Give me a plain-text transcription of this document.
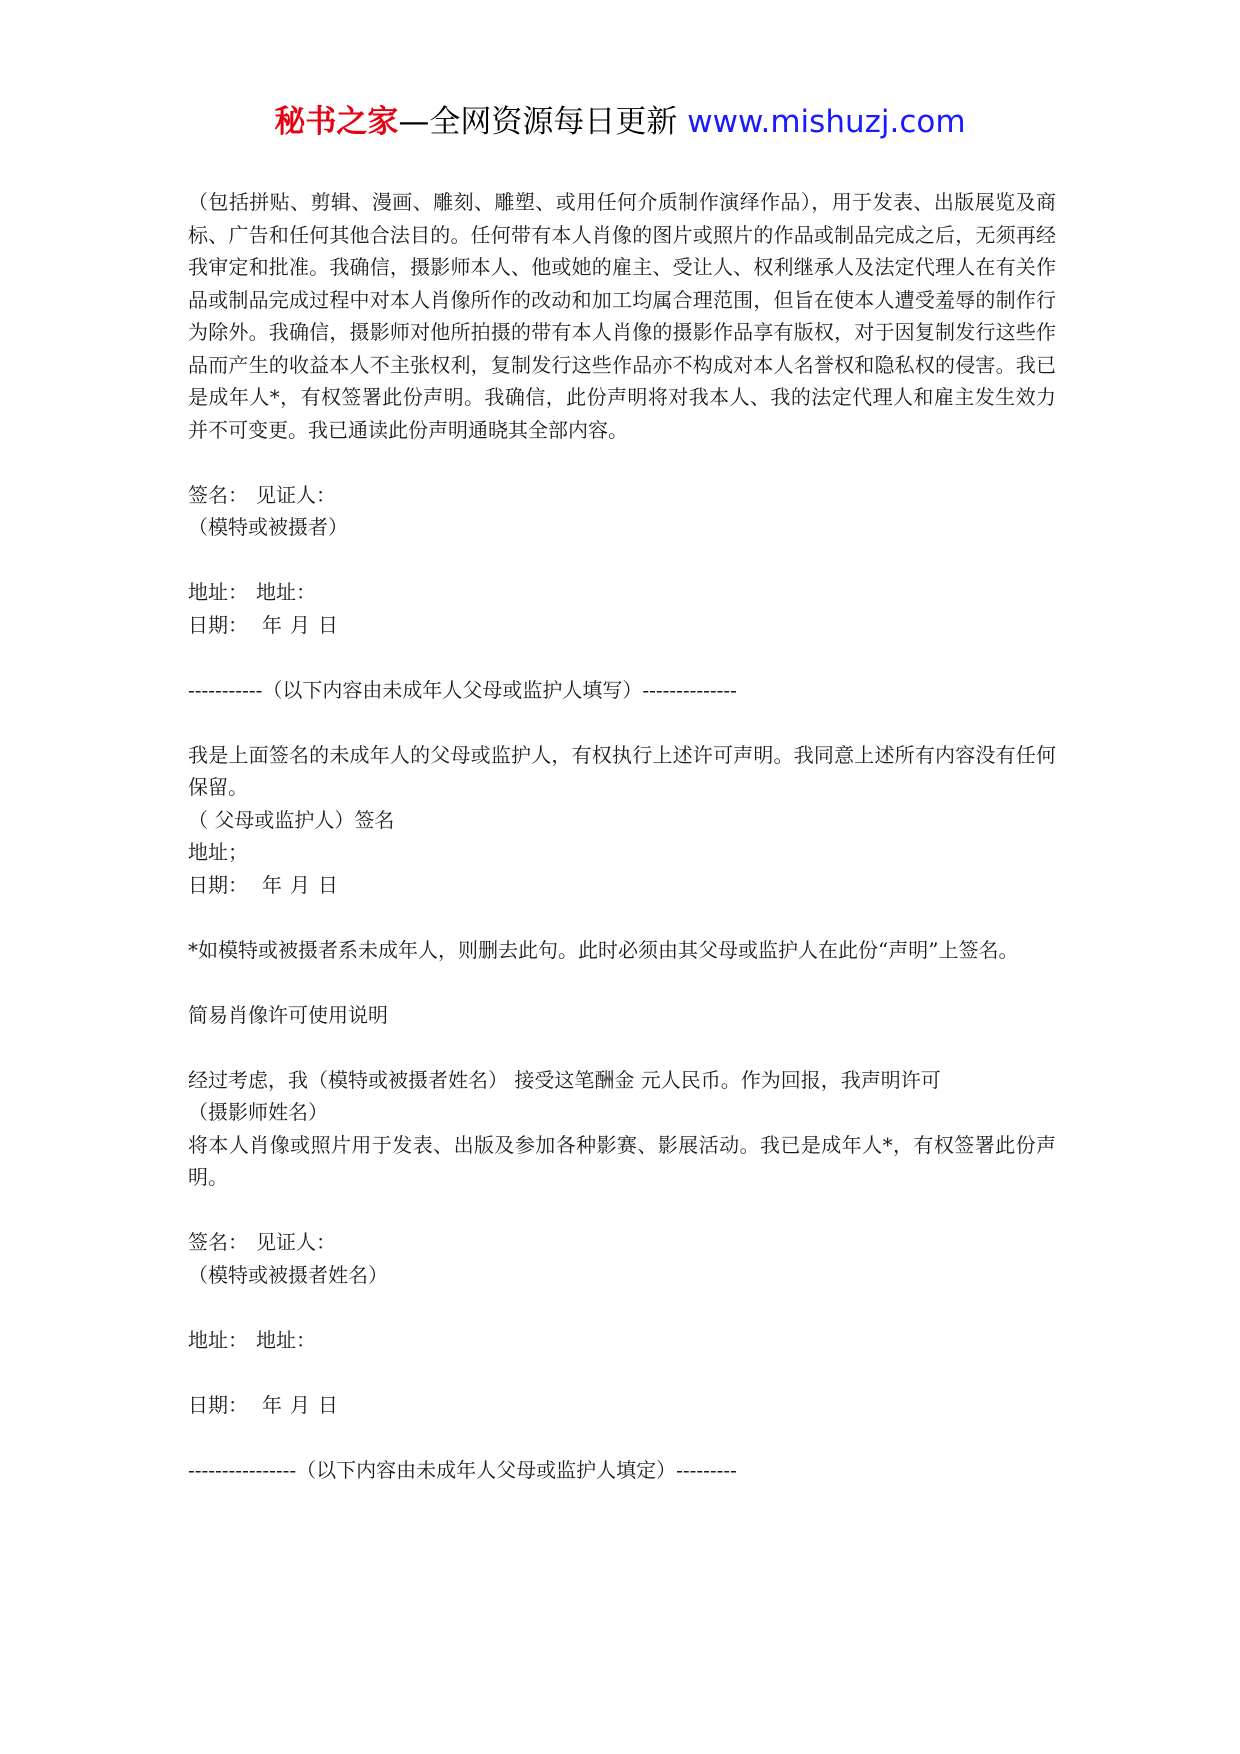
秘书之家—全网资源每日更新 www.mishuzj.com

（包括拼贴、剪辑、漫画、雕刻、雕塑、或用任何介质制作演绎作品），用于发表、出版展览及商标、广告和任何其他合法目的。任何带有本人肖像的图片或照片的作品或制品完成之后，无须再经我审定和批准。我确信，摄影师本人、他或她的雇主、受让人、权利继承人及法定代理人在有关作品或制品完成过程中对本人肖像所作的改动和加工均属合理范围，但旨在使本人遭受羞辱的制作行为除外。我确信，摄影师对他所拍摄的带有本人肖像的摄影作品享有版权，对于因复制发行这些作品而产生的收益本人不主张权利，复制发行这些作品亦不构成对本人名誉权和隐私权的侵害。我已是成年人*，有权签署此份声明。我确信，此份声明将对我本人、我的法定代理人和雇主发生效力并不可变更。我已通读此份声明通晓其全部内容。

签名： 见证人：

（模特或被摄者）

地址： 地址：

日期： 年 月 日

-----------（以下内容由未成年人父母或监护人填写）--------------

我是上面签名的未成年人的父母或监护人，有权执行上述许可声明。我同意上述所有内容没有任何保留。

（ 父母或监护人）签名

地址；

日期： 年 月 日

*如模特或被摄者系未成年人，则删去此句。此时必须由其父母或监护人在此份“声明”上签名。

简易肖像许可使用说明

经过考虑，我（模特或被摄者姓名） 接受这笔酬金 元人民币。作为回报，我声明许可

（摄影师姓名）

将本人肖像或照片用于发表、出版及参加各种影赛、影展活动。我已是成年人*，有权签署此份声明。

签名： 见证人：

（模特或被摄者姓名）

地址： 地址：

日期： 年 月 日

----------------（以下内容由未成年人父母或监护人填定）---------
